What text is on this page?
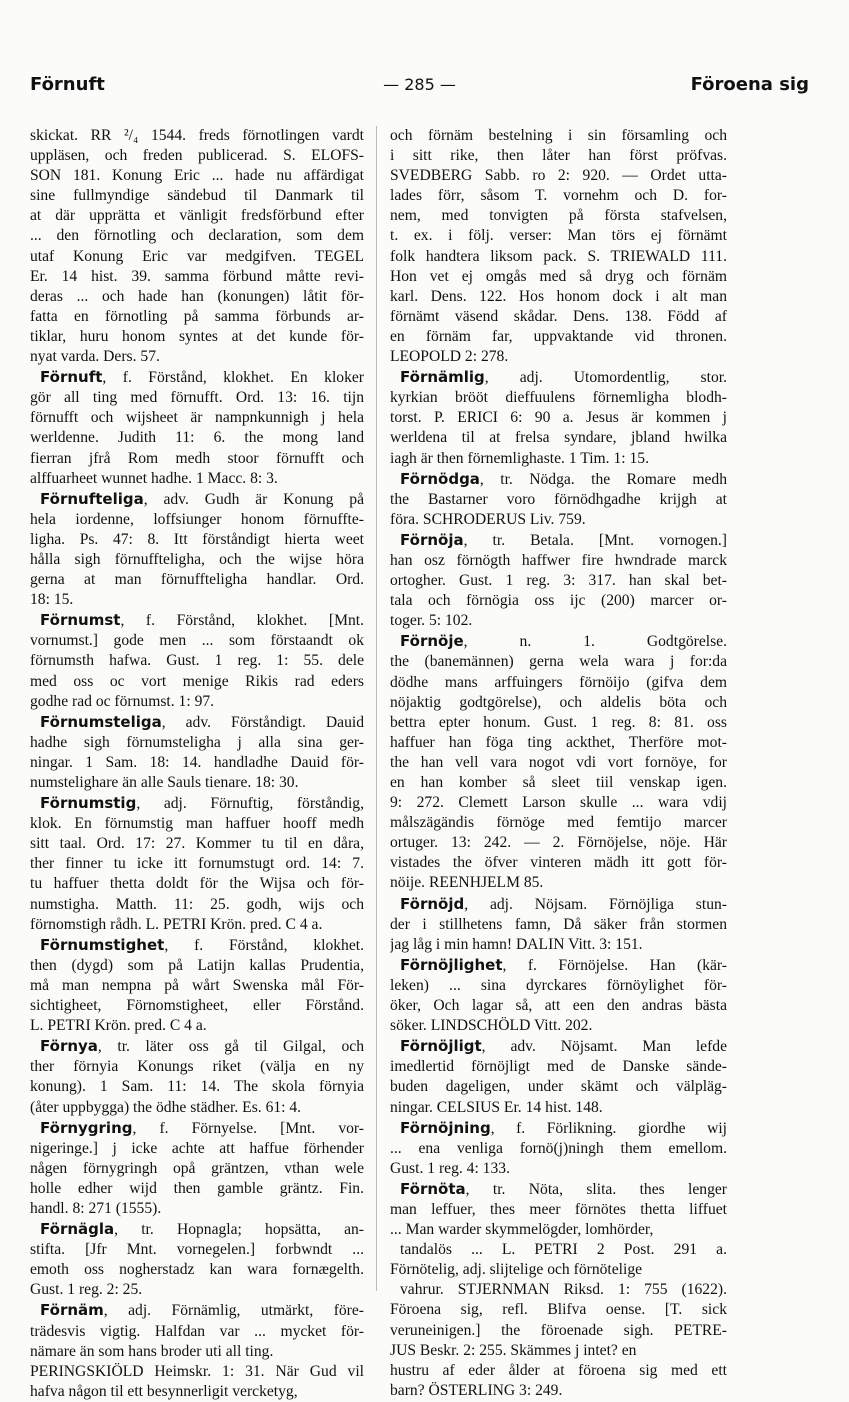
Förnuft	— 285 —	Föroena sig
skickat. RR ²/₄ 1544. freds förnotlingen vardt
uppläsen, och freden publicerad. S. ELOFS-
SON 181. Konung Eric ... hade nu affärdigat
sine fullmyndige sändebud til Danmark til
at där upprätta et vänligit fredsförbund efter
... den förnotling och declaration, som dem
utaf Konung Eric var medgifven. TEGEL
Er. 14 hist. 39. samma förbund måtte revi-
deras ... och hade han (konungen) låtit för-
fatta en förnotling på samma förbunds ar-
tiklar, huru honom syntes at det kunde för-
nyat varda. Ders. 57.
Förnuft, f. Förstånd, klokhet. En kloker
gör all ting med förnufft. Ord. 13: 16. tijn
förnufft och wijsheet är nampnkunnigh j hela
werldenne. Judith 11: 6. the mong land
fierran jfrå Rom medh stoor förnufft och
alffuarheet wunnet hadhe. 1 Macc. 8: 3.
Förnufteliga, adv. Gudh är Konung på
hela iordenne, loffsiunger honom förnuffte-
ligha. Ps. 47: 8. Itt förståndigt hierta weet
hålla sigh förnuffteligha, och the wijse höra
gerna at man förnuffteligha handlar. Ord.
18: 15.
Förnumst, f. Förstånd, klokhet. [Mnt.
vornumst.] gode men ... som förstaandt ok
förnumsth hafwa. Gust. 1 reg. 1: 55. dele
med oss oc vort menige Rikis rad eders
godhe rad oc förnumst. 1: 97.
Förnumsteliga, adv. Förståndigt. Dauid
hadhe sigh förnumsteligha j alla sina ger-
ningar. 1 Sam. 18: 14. handladhe Dauid för-
numstelighare än alle Sauls tienare. 18: 30.
Förnumstig, adj. Förnuftig, förståndig,
klok. En förnumstig man haffuer hooff medh
sitt taal. Ord. 17: 27. Kommer tu til en dåra,
ther finner tu icke itt fornumstugt ord. 14: 7.
tu haffuer thetta doldt för the Wijsa och för-
numstigha. Matth. 11: 25. godh, wijs och
förnomstigh rådh. L. PETRI Krön. pred. C 4 a.
Förnumstighet, f. Förstånd, klokhet.
then (dygd) som på Latijn kallas Prudentia,
må man nempna på wårt Swenska mål För-
sichtigheet, Förnomstigheet, eller Förstånd.
L. PETRI Krön. pred. C 4 a.
Förnya, tr. läter oss gå til Gilgal, och
ther förnyia Konungs riket (välja en ny
konung). 1 Sam. 11: 14. The skola förnyia
(åter uppbygga) the ödhe städher. Es. 61: 4.
Förnygring, f. Förnyelse. [Mnt. vor-
nigeringe.] j icke achte att haffue förhender
någen förnygringh opå gräntzen, vthan wele
holle edher wijd then gamble gräntz. Fin.
handl. 8: 271 (1555).
Förnägla, tr. Hopnagla; hopsätta, an-
stifta. [Jfr Mnt. vornegelen.] forbwndt ...
emoth oss nogherstadz kan wara fornægelth.
Gust. 1 reg. 2: 25.
Förnäm, adj. Förnämlig, utmärkt, före-
trädesvis vigtig. Halfdan var ... mycket för-
nämare än som hans broder uti all ting.
PERINGSKIÖLD Heimskr. 1: 31. När Gud vil
hafva någon til ett besynnerligit vercketyg,
och förnäm bestelning i sin församling och
i sitt rike, then låter han först pröfvas.
SVEDBERG Sabb. ro 2: 920. — Ordet utta-
lades förr, såsom T. vornehm och D. for-
nem, med tonvigten på första stafvelsen,
t. ex. i följ. verser: Man törs ej förnämt
folk handtera liksom pack. S. TRIEWALD 111.
Hon vet ej omgås med så dryg och förnäm
karl. Dens. 122. Hos honom dock i alt man
förnämt väsend skådar. Dens. 138. Född af
en förnäm far, uppvaktande vid thronen.
LEOPOLD 2: 278.
Förnämlig, adj. Utomordentlig, stor.
kyrkian brööt dieffuulens förnemligha blodh-
torst. P. ERICI 6: 90 a. Jesus är kommen j
werldena til at frelsa syndare, jbland hwilka
iagh är then förnemlighaste. 1 Tim. 1: 15.
Förnödga, tr. Nödga. the Romare medh
the Bastarner voro förnödhgadhe krijgh at
föra. SCHRODERUS Liv. 759.
Förnöja, tr. Betala. [Mnt. vornogen.]
han osz förnögth haffwer fire hwndrade marck
ortogher. Gust. 1 reg. 3: 317. han skal bet-
tala och förnögia oss ijc (200) marcer or-
toger. 5: 102.
Förnöje, n. 1. Godtgörelse.
the (banemännen) gerna wela wara j for:da
dödhe mans arffuingers förnöijo (gifva dem
nöjaktig godtgörelse), och aldelis böta och
bettra epter honum. Gust. 1 reg. 8: 81. oss
haffuer han föga ting ackthet, Therföre mot-
the han vell vara nogot vdi vort fornöye, for
en han komber så sleet tiil venskap igen.
9: 272. Clemett Larson skulle ... wara vdij
målszägändis förnöge med femtijo marcer
ortuger. 13: 242. — 2. Förnöjelse, nöje. Här
vistades the öfver vinteren mädh itt gott för-
nöije. REENHJELM 85.
Förnöjd, adj. Nöjsam. Förnöjliga stun-
der i stillhetens famn, Då säker från stormen
jag låg i min hamn! DALIN Vitt. 3: 151.
Förnöjlighet, f. Förnöjelse. Han (kär-
leken) ... sina dyrckares förnöylighet för-
öker, Och lagar så, att een den andras bästa
söker. LINDSCHÖLD Vitt. 202.
Förnöjligt, adv. Nöjsamt. Man lefde
imedlertid förnöjligt med de Danske sände-
buden dageligen, under skämt och välpläg-
ningar. CELSIUS Er. 14 hist. 148.
Förnöjning, f. Förlikning. giordhe wij
... ena venliga fornö(j)ningh them emellom.
Gust. 1 reg. 4: 133.
Förnöta, tr. Nöta, slita. thes lenger
man leffuer, thes meer förnötes thetta liffuet
... Man warder skymmelögder, lomhörder,
tandalös ... L. PETRI 2 Post. 291 a.
Förnötelig, adj. slijtelige och förnötelige
vahrur. STJERNMAN Riksd. 1: 755 (1622).
Föroena sig, refl. Blifva oense. [T. sick
veruneinigen.] the föroenade sigh. PETRE-
JUS Beskr. 2: 255. Skämmes j intet? en
hustru af eder ålder at föroena sig med ett
barn? ÖSTERLING 3: 249.
